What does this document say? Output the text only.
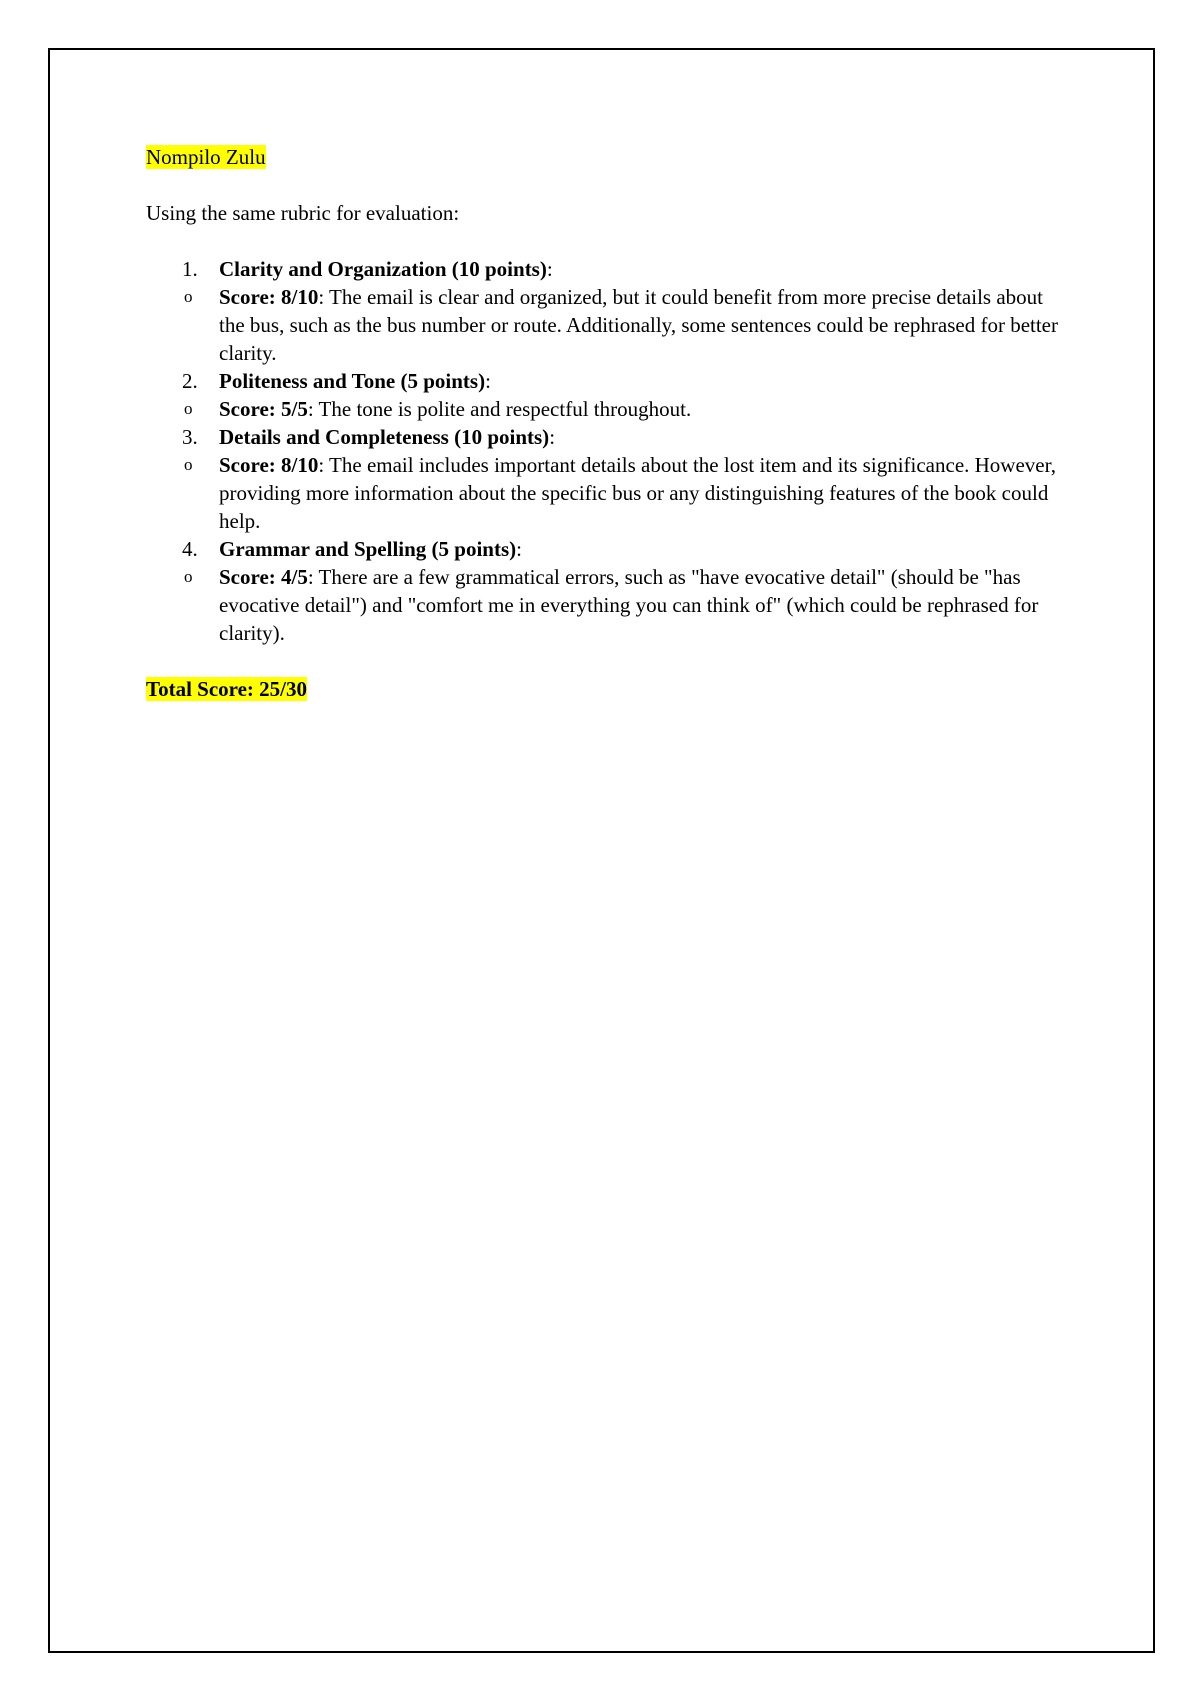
Nompilo Zulu

Using the same rubric for evaluation:

1. Clarity and Organization (10 points):
o Score: 8/10: The email is clear and organized, but it could benefit from more precise details about the bus, such as the bus number or route. Additionally, some sentences could be rephrased for better clarity.
2. Politeness and Tone (5 points):
o Score: 5/5: The tone is polite and respectful throughout.
3. Details and Completeness (10 points):
o Score: 8/10: The email includes important details about the lost item and its significance. However, providing more information about the specific bus or any distinguishing features of the book could help.
4. Grammar and Spelling (5 points):
o Score: 4/5: There are a few grammatical errors, such as "have evocative detail" (should be "has evocative detail") and "comfort me in everything you can think of" (which could be rephrased for clarity).

Total Score: 25/30
